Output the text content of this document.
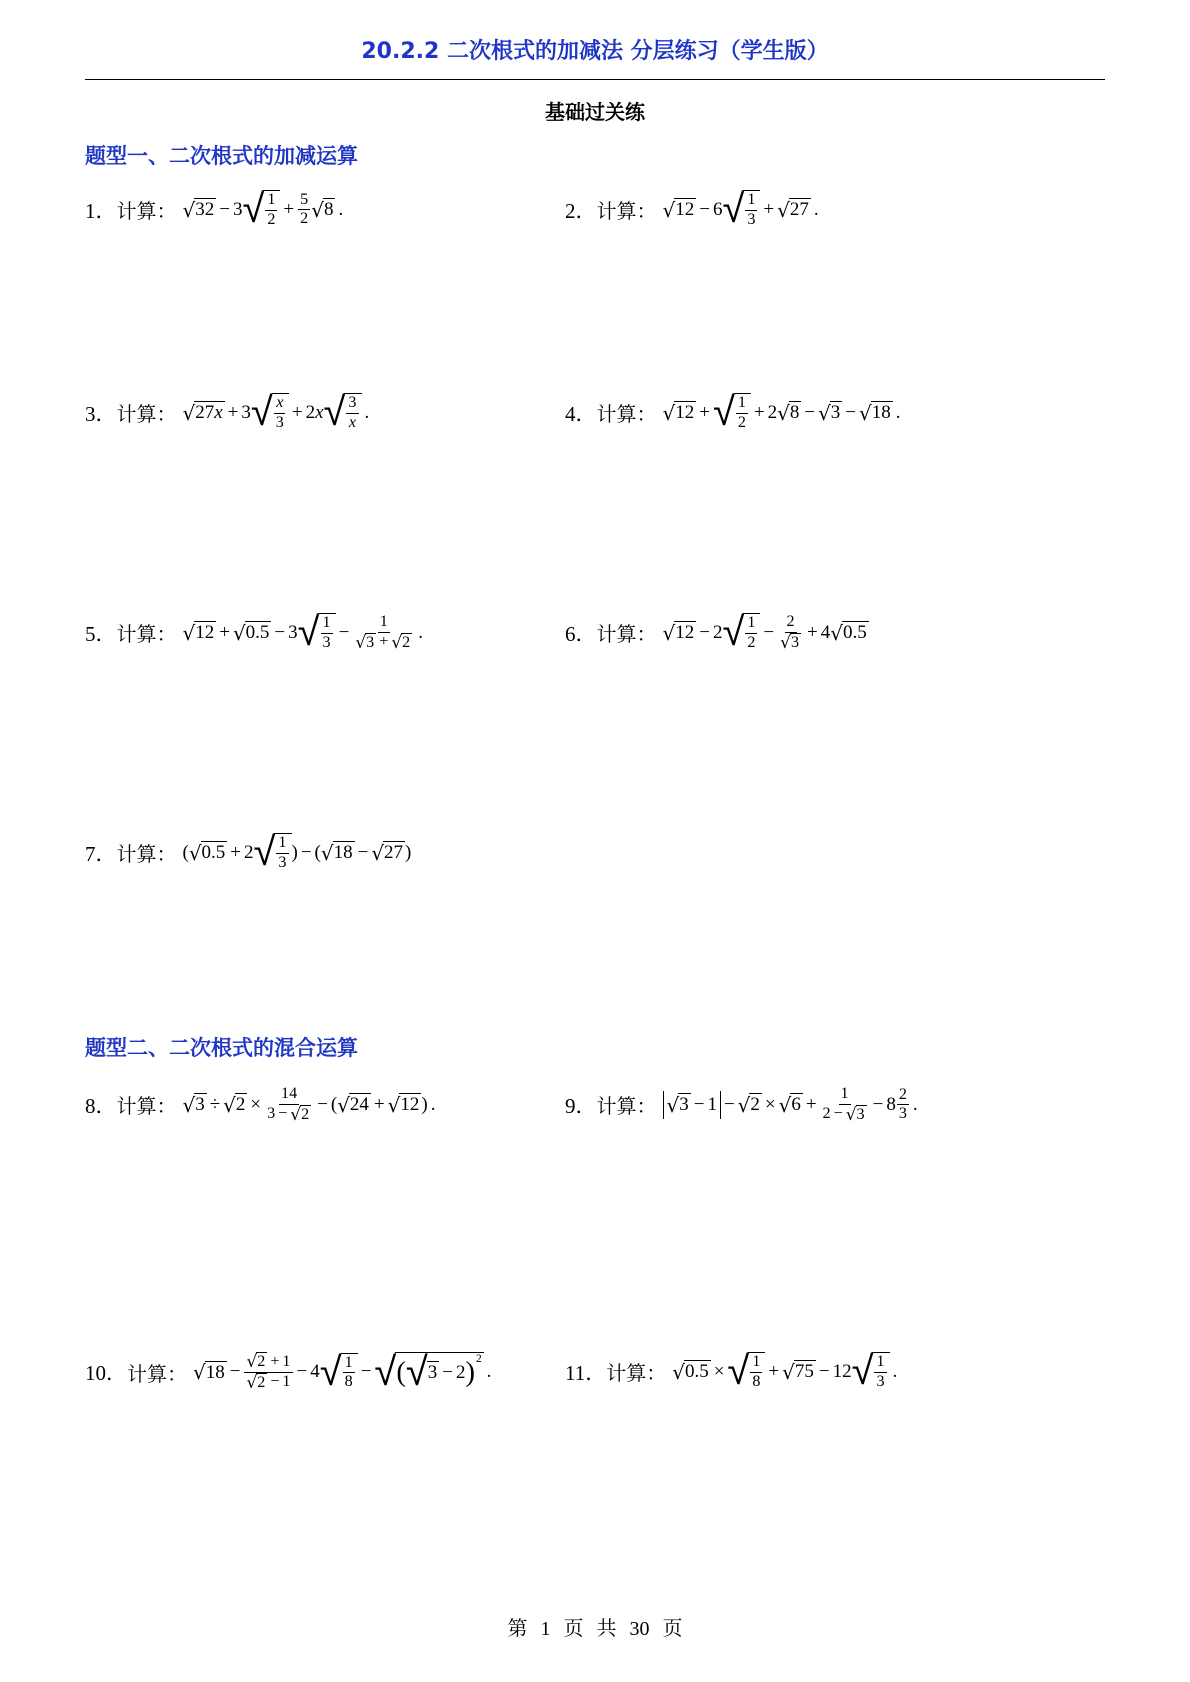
20.2.2 二次根式的加减法 分层练习（学生版）
基础过关练
题型一、二次根式的加减运算
1． 计算： √ 32 − 3 √ 1
$2 + \frac{5}{2}$ √ 8 .	2． 计算： √ 12 − 6 √ 1
3 + √ 27 .
3． 计算： √ 27 x + 3 √ x
3 + 2 x √ 3
x .	4． 计算： √ 12 + √ 1
2 + 2 √ 8 − √ 3 − √ 18 .
5． 计算： √ 12 + √ 0.5 − 3 √ 1
$3 - \frac{1}{√ 3 + √ 2}$ .	6． 计算： √ 12 − 2 √ 1
$2 - \frac{2}{√ 3} + 4$ √ 0.5
7． 计算： ( √ 0.5 + 2 √ 1
3 ) − ( √ 18 − √ 27 )
题型二、二次根式的混合运算
8． 计算： √ 3 ÷ √ $2 \times \frac{14}{3 - √ 2}$ − ( √ 24 + √ 12 ) .	9． 计算： √ 3 − 1 − √ 2 × √ $6 + \frac{1}{2 - √ 3} - 8 \frac{2}{3}$ .
10． 计算： √ $18 - \frac{√ 2 + 1}{√ 2 - 1} - 4$ √ 1
8 − √ ( √ 3 − 2 ) 2
.	11． 计算： √ 0.5 × √ 1
8 + √ 75 − 12 √ 1
3 .
第 1 页 共 30 页
